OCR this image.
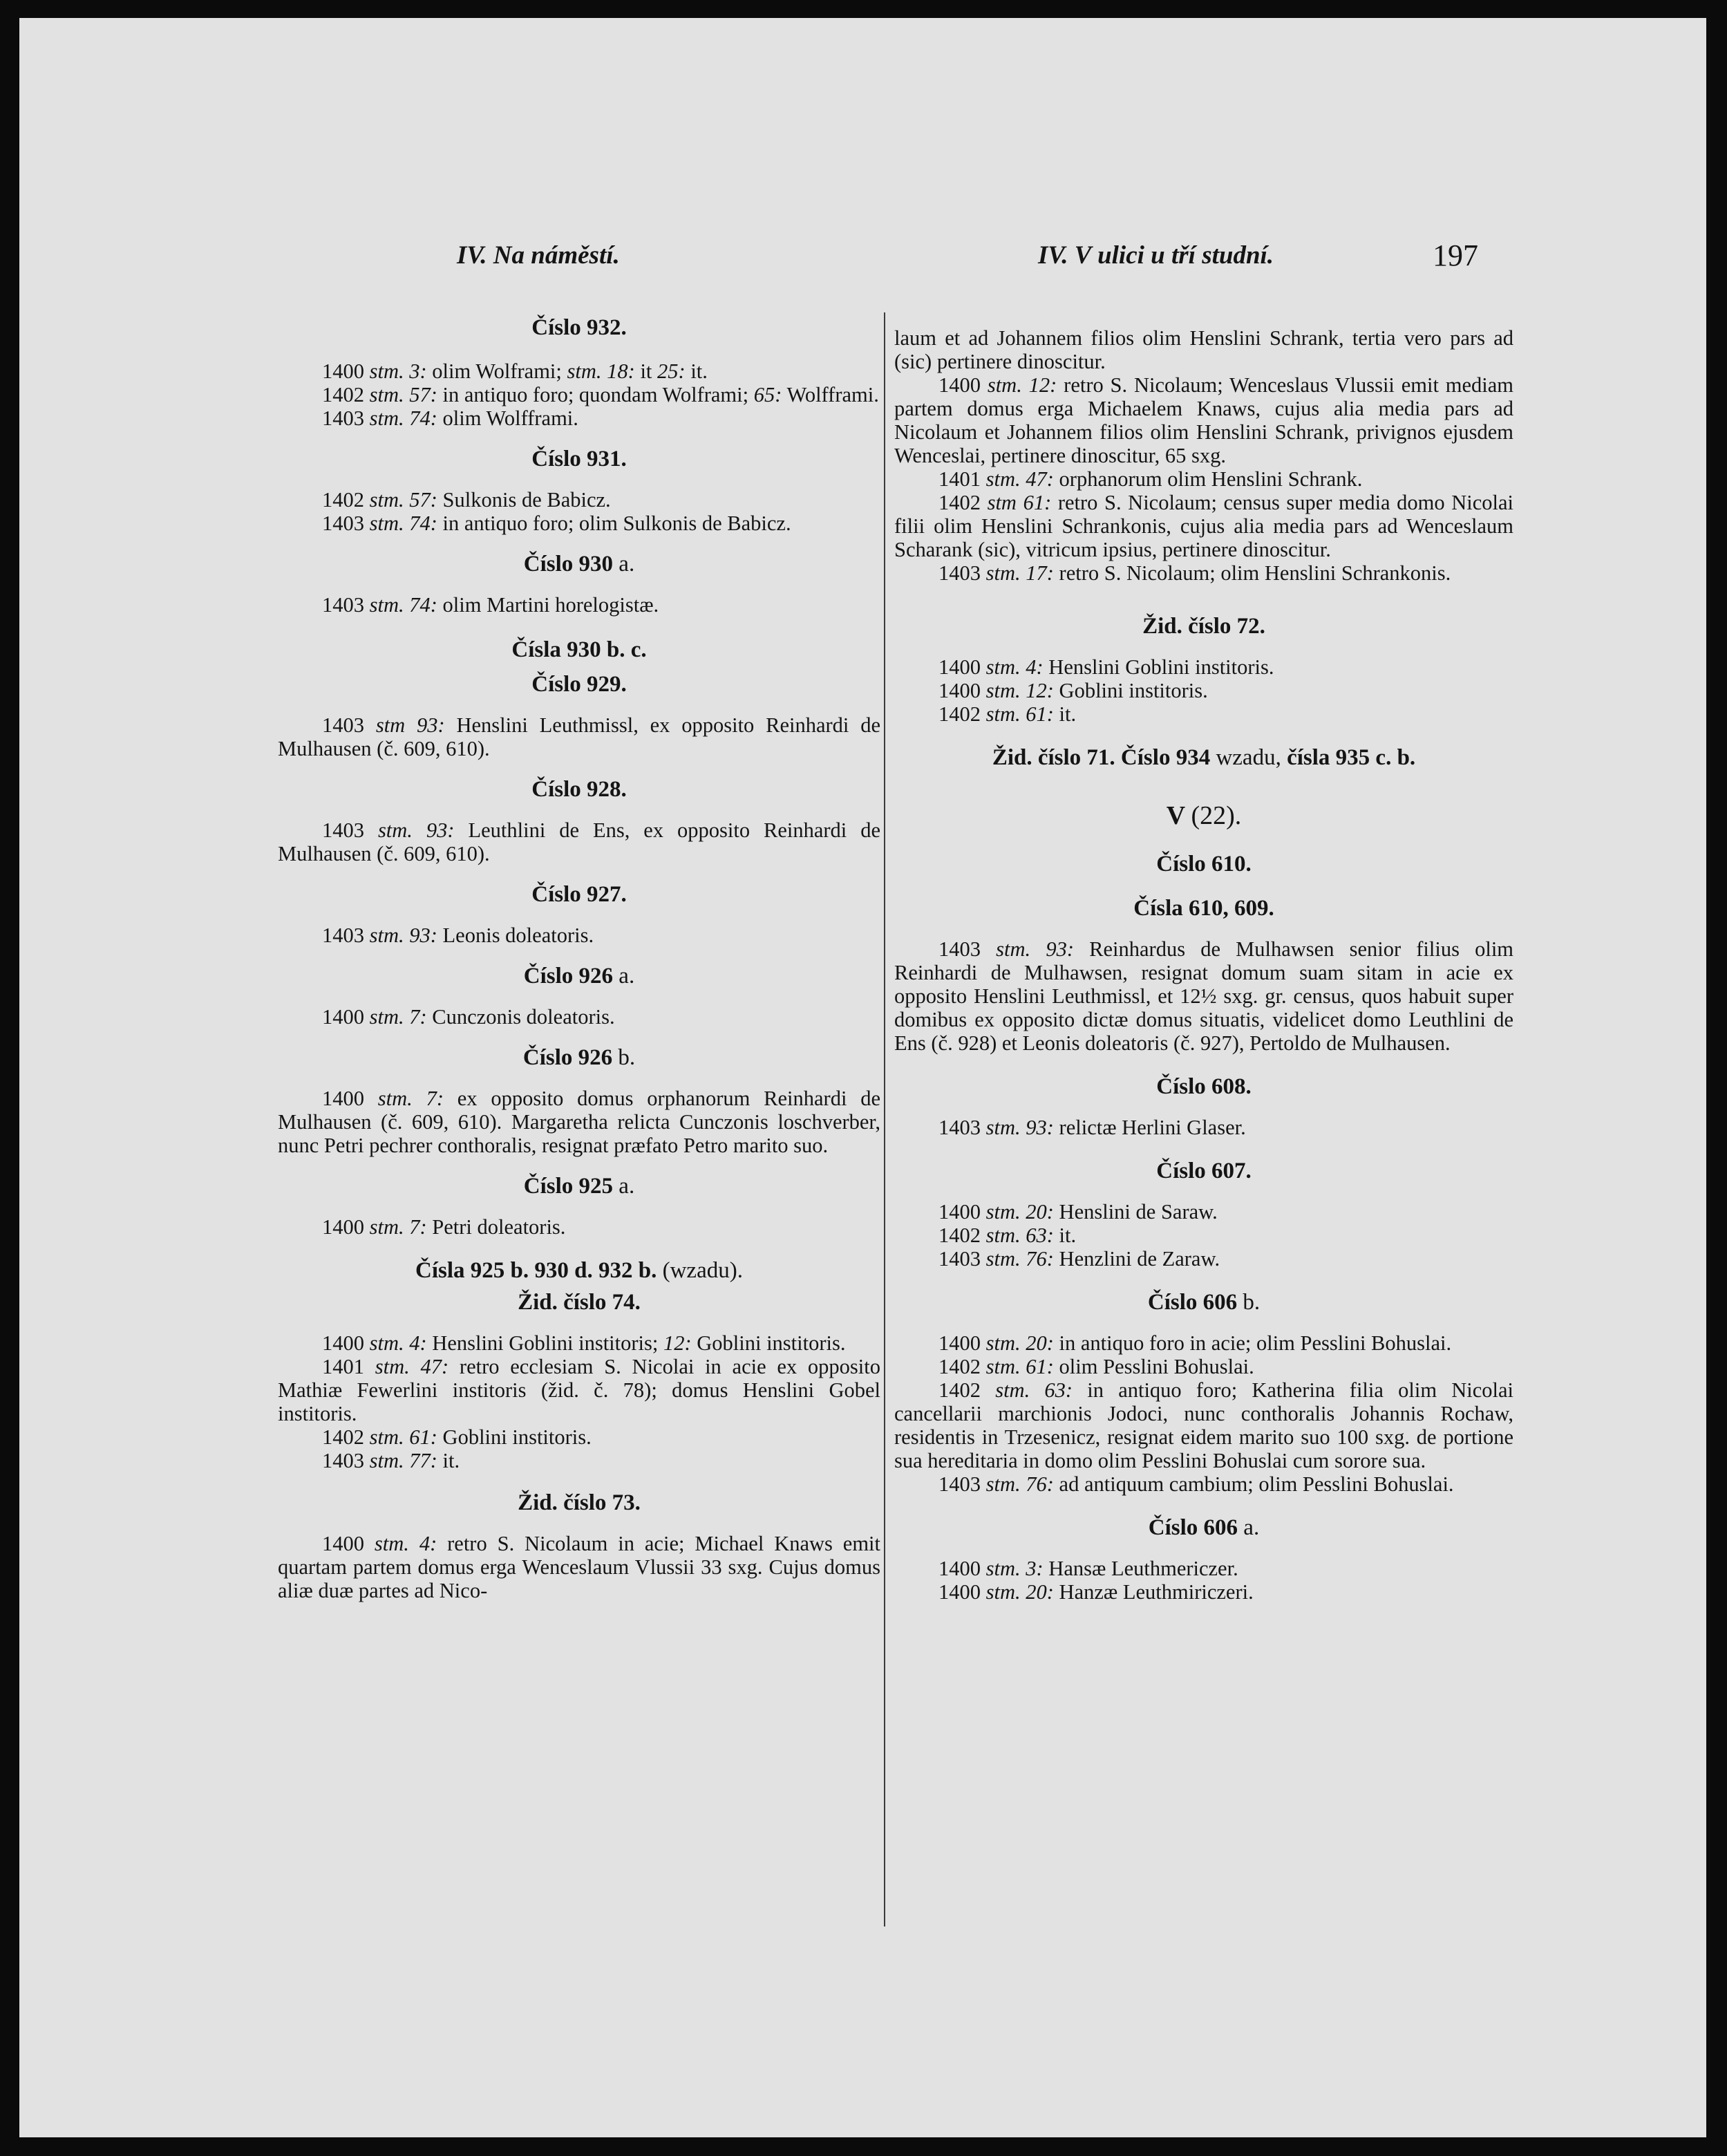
IV. Na náměstí.	IV. V ulici u tří studní.	197
Číslo 932.

1400 stm. 3: olim Wolframi; stm. 18: it 25: it.

1402 stm. 57: in antiquo foro; quondam Wolframi; 65: Wolfframi.

1403 stm. 74: olim Wolfframi.

Číslo 931.

1402 stm. 57: Sulkonis de Babicz.

1403 stm. 74: in antiquo foro; olim Sulkonis de Babicz.

Číslo 930 a.

1403 stm. 74: olim Martini horelogistæ.

Čísla 930 b. c.
Číslo 929.

1403 stm 93: Henslini Leuthmissl, ex opposito Reinhardi de Mulhausen (č. 609, 610).

Číslo 928.

1403 stm. 93: Leuthlini de Ens, ex opposito Reinhardi de Mulhausen (č. 609, 610).

Číslo 927.

1403 stm. 93: Leonis doleatoris.

Číslo 926 a.

1400 stm. 7: Cunczonis doleatoris.

Číslo 926 b.

1400 stm. 7: ex opposito domus orphanorum Reinhardi de Mulhausen (č. 609, 610). Margaretha relicta Cunczonis loschverber, nunc Petri pechrer conthoralis, resignat præfato Petro marito suo.

Číslo 925 a.

1400 stm. 7: Petri doleatoris.

Čísla 925 b. 930 d. 932 b. (wzadu).
Žid. číslo 74.

1400 stm. 4: Henslini Goblini institoris; 12: Goblini institoris.

1401 stm. 47: retro ecclesiam S. Nicolai in acie ex opposito Mathiæ Fewerlini institoris (žid. č. 78); domus Henslini Gobel institoris.

1402 stm. 61: Goblini institoris.

1403 stm. 77: it.

Žid. číslo 73.

1400 stm. 4: retro S. Nicolaum in acie; Michael Knaws emit quartam partem domus erga Wenceslaum Vlussii 33 sxg. Cujus domus aliæ duæ partes ad Nico-

laum et ad Johannem filios olim Henslini Schrank, tertia vero pars ad (sic) pertinere dinoscitur.

1400 stm. 12: retro S. Nicolaum; Wenceslaus Vlussii emit mediam partem domus erga Michaelem Knaws, cujus alia media pars ad Nicolaum et Johannem filios olim Henslini Schrank, privignos ejusdem Wenceslai, pertinere dinoscitur, 65 sxg.

1401 stm. 47: orphanorum olim Henslini Schrank.

1402 stm 61: retro S. Nicolaum; census super media domo Nicolai filii olim Henslini Schrankonis, cujus alia media pars ad Wenceslaum Scharank (sic), vitricum ipsius, pertinere dinoscitur.

1403 stm. 17: retro S. Nicolaum; olim Henslini Schrankonis.

Žid. číslo 72.

1400 stm. 4: Henslini Goblini institoris.

1400 stm. 12: Goblini institoris.

1402 stm. 61: it.

Žid. číslo 71. Číslo 934 wzadu, čísla 935 c. b.
V (22).
Číslo 610.
Čísla 610, 609.

1403 stm. 93: Reinhardus de Mulhawsen senior filius olim Reinhardi de Mulhawsen, resignat domum suam sitam in acie ex opposito Henslini Leuthmissl, et 12½ sxg. gr. census, quos habuit super domibus ex opposito dictæ domus situatis, videlicet domo Leuthlini de Ens (č. 928) et Leonis doleatoris (č. 927), Pertoldo de Mulhausen.

Číslo 608.

1403 stm. 93: relictæ Herlini Glaser.

Číslo 607.

1400 stm. 20: Henslini de Saraw.

1402 stm. 63: it.

1403 stm. 76: Henzlini de Zaraw.

Číslo 606 b.

1400 stm. 20: in antiquo foro in acie; olim Pesslini Bohuslai.

1402 stm. 61: olim Pesslini Bohuslai.

1402 stm. 63: in antiquo foro; Katherina filia olim Nicolai cancellarii marchionis Jodoci, nunc conthoralis Johannis Rochaw, residentis in Trzesenicz, resignat eidem marito suo 100 sxg. de portione sua hereditaria in domo olim Pesslini Bohuslai cum sorore sua.

1403 stm. 76: ad antiquum cambium; olim Pesslini Bohuslai.

Číslo 606 a.

1400 stm. 3: Hansæ Leuthmericzer.

1400 stm. 20: Hanzæ Leuthmiriczeri.
